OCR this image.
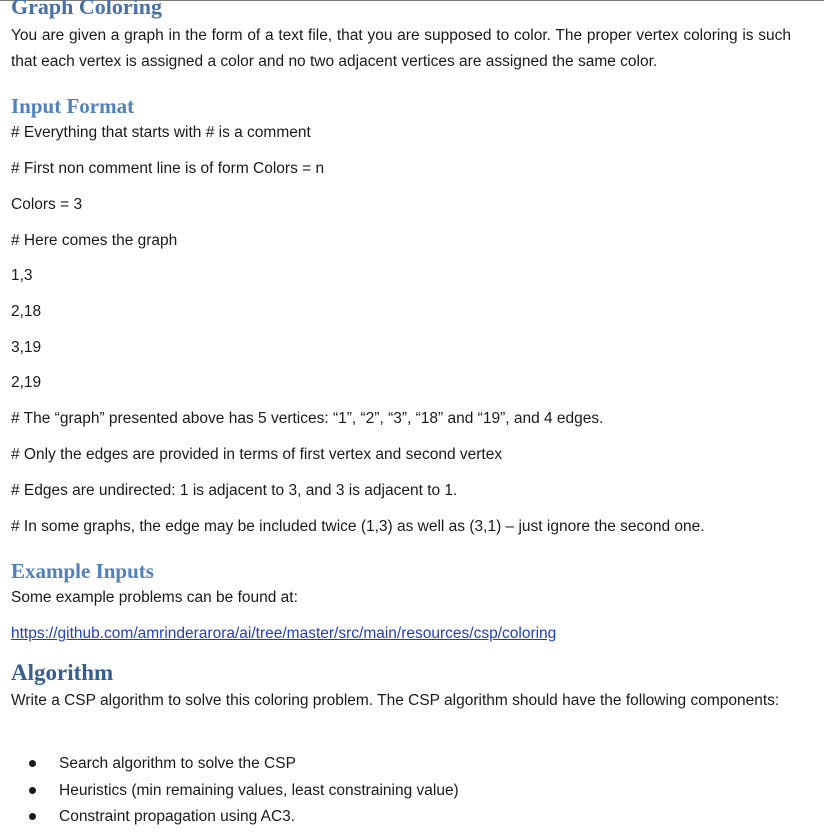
Graph Coloring

You are given a graph in the form of a text file, that you are supposed to color. The proper vertex coloring is such that each vertex is assigned a color and no two adjacent vertices are assigned the same color.

Input Format

# Everything that starts with # is a comment

# First non comment line is of form Colors = n

Colors = 3

# Here comes the graph

1,3

2,18

3,19

2,19

# The “graph” presented above has 5 vertices: “1”, “2”, “3”, “18” and “19”, and 4 edges.

# Only the edges are provided in terms of first vertex and second vertex

# Edges are undirected: 1 is adjacent to 3, and 3 is adjacent to 1.

# In some graphs, the edge may be included twice (1,3) as well as (3,1) – just ignore the second one.

Example Inputs

Some example problems can be found at:

https://github.com/amrinderarora/ai/tree/master/src/main/resources/csp/coloring
Algorithm

Write a CSP algorithm to solve this coloring problem. The CSP algorithm should have the following components:

Search algorithm to solve the CSP
Heuristics (min remaining values, least constraining value)
Constraint propagation using AC3.
